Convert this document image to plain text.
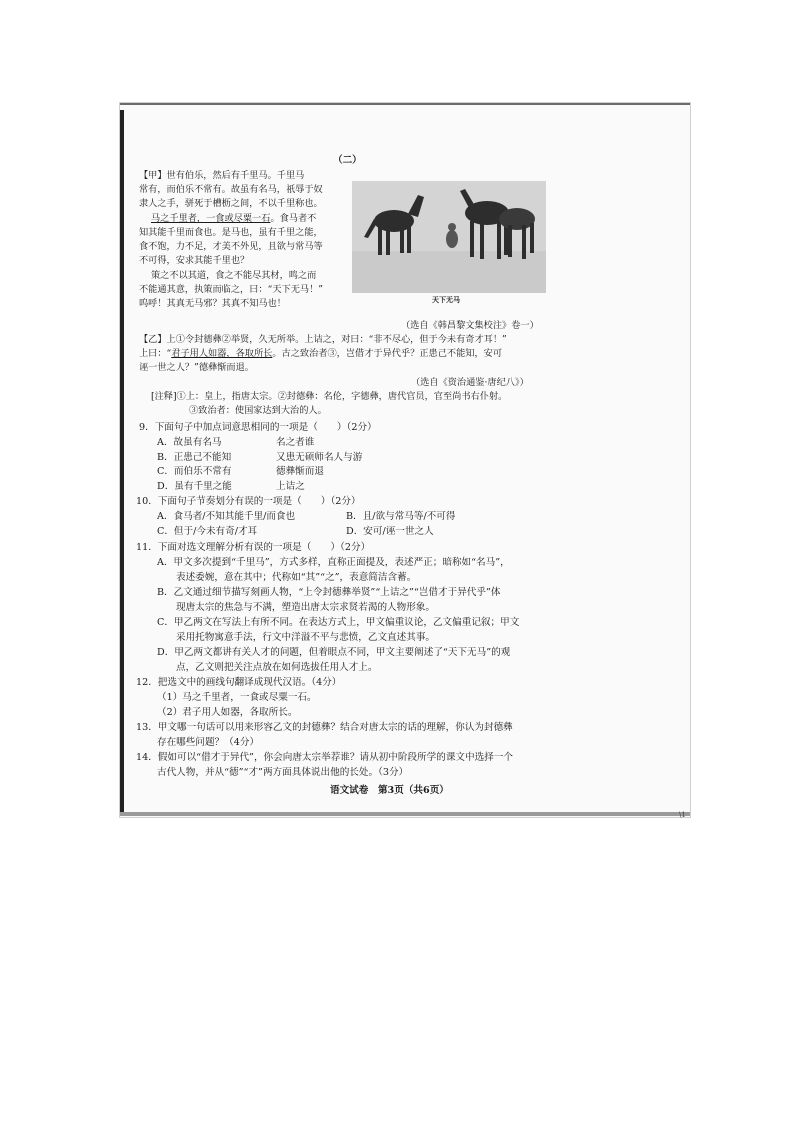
（二）
【甲】世有伯乐，然后有千里马。千里马
常有，而伯乐不常有。故虽有名马，祇辱于奴
隶人之手，骈死于槽枥之间，不以千里称也。
马之千里者，一食或尽粟一石。食马者不
知其能千里而食也。是马也，虽有千里之能，
食不饱，力不足，才美不外见，且欲与常马等
不可得，安求其能千里也？
策之不以其道，食之不能尽其材，鸣之而
不能通其意，执策而临之，曰：“天下无马！”
呜呼！其真无马邪？其真不知马也！	天下无马
（选自《韩昌黎文集校注》卷一）
【乙】上①令封德彝②举贤，久无所举。上诘之，对曰：“非不尽心，但于今未有奇才耳！”
上曰：“君子用人如器，各取所长。古之致治者③，岂借才于异代乎？正患己不能知，安可
诬一世之人？”德彝惭而退。
（选自《资治通鉴·唐纪八》）
[注释]①上：皇上，指唐太宗。②封德彝：名伦，字德彝，唐代官员，官至尚书右仆射。
③致治者：使国家达到大治的人。
9．下面句子中加点词意思相同的一项是（　　）（2分）
A．故虽有名马	名之者谁
B．正患己不能知	又患无硕师名人与游
C．而伯乐不常有	德彝惭而退
D．虽有千里之能	上诘之
10．下面句子节奏划分有误的一项是（　　）（2分）
A．食马者/不知其能千里/而食也	B．且/欲与常马等/不可得
C．但于/今未有奇/才耳	D．安可/诬一世之人
11．下面对选文理解分析有误的一项是（　　）（2分）
A．甲文多次提到“千里马”，方式多样，直称正面提及，表述严正；暗称如“名马”，
表述委婉，意在其中；代称如“其”“之”，表意简洁含蓄。
B．乙文通过细节描写刻画人物，“上令封德彝举贤”“上诘之”“岂借才于异代乎”体
现唐太宗的焦急与不满，塑造出唐太宗求贤若渴的人物形象。
C．甲乙两文在写法上有所不同。在表达方式上，甲文偏重议论，乙文偏重记叙；甲文
采用托物寓意手法，行文中洋溢不平与悲愤，乙文直述其事。
D．甲乙两文都讲有关人才的问题，但着眼点不同，甲文主要阐述了“天下无马”的观
点，乙文则把关注点放在如何选拔任用人才上。
12．把选文中的画线句翻译成现代汉语。（4分）
（1）马之千里者，一食或尽粟一石。
（2）君子用人如器，各取所长。
13．甲文哪一句话可以用来形容乙文的封德彝？结合对唐太宗的话的理解，你认为封德彝
存在哪些问题？（4分）
14．假如可以“借才于异代”，你会向唐太宗举荐谁？请从初中阶段所学的课文中选择一个
古代人物，并从“德”“才”两方面具体说出他的长处。（3分）
语文试卷　第3页（共6页）
\1
